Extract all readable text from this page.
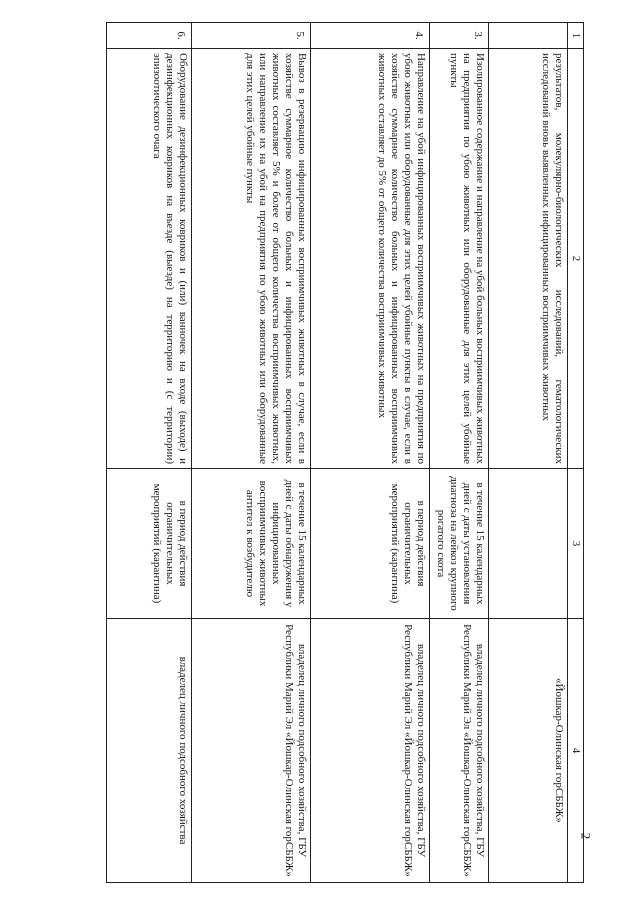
2
1	2	3	4
	результатов, молекулярно-биологических исследований, гематологических исследований вновь выявленных инфицированных восприимчивых животных		«Йошкар-Олинская горСББЖ»
3.	Изолированное содержание и направление на убой больных восприимчивых животных на предприятия по убою животных или оборудованные для этих целей убойные пункты	в течение 15 календарных дней с даты установления диагноза на лейкоз крупного рогатого скота	владелец личного подсобного хозяйства, ГБУ Республики Марий Эл «Йошкар-Олинская горСББЖ»
4.	Направление на убой инфицированных восприимчивых животных на предприятия по убою животных или оборудованные для этих целей убойные пункты в случае, если в хозяйстве суммарное количество больных и инфицированных восприимчивых животных составляет до 5% от общего количества восприимчивых животных	в период действия ограничительных мероприятий (карантина)	владелец личного подсобного хозяйства, ГБУ Республики Марий Эл «Йошкар-Олинская горСББЖ»
5.	Вывоз в резервацию инфицированных восприимчивых животных в случае, если в хозяйстве суммарное количество больных и инфицированных восприимчивых животных составляет 5% и более от общего количества восприимчивых животных, или направление их на убой на предприятия по убою животных или оборудованные для этих целей убойные пункты	в течение 15 календарных дней с даты обнаружения у инфицированных восприимчивых животных антител к возбудителю	владелец личного подсобного хозяйства, ГБУ Республики Марий Эл «Йошкар-Олинская горСББЖ»
6.	Оборудование дезинфекционных ковриков и (или) ванночек на входе (выходе) и дезинфекционных ковриков на въезде (выезде) на территорию и (с территории) эпизоотического очага	в период действия ограничительных мероприятий (карантина)	владелец личного подсобного хозяйства
